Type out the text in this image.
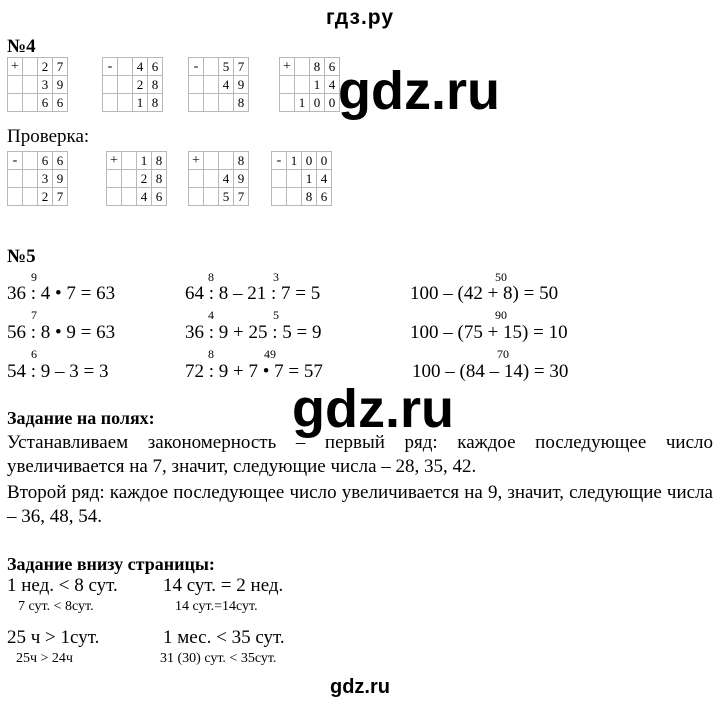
гдз.ру
gdz.ru
gdz.ru
№4
Проверка:
№5
9
36 : 4 • 7 = 63
7
56 : 8 • 9 = 63
6
54 : 9 – 3 = 3
8	3
64 : 8 – 21 : 7 = 5
4	5
36 : 9 + 25 : 5 = 9
8	49
72 : 9 + 7 • 7 = 57
50
100 – (42 + 8) = 50
90
100 – (75 + 15) = 10
70
100 – (84 – 14) = 30
Задание на полях:
Устанавливаем закономерность – первый ряд: каждое последующее число увеличивается на 7, значит, следующие числа – 28, 35, 42.
Второй ряд: каждое последующее число увеличивается на 9, значит, следующие числа – 36, 48, 54.
Задание внизу страницы:
1 нед. < 8 сут.
7 сут. < 8сут.
14 сут. = 2 нед.
14 сут.=14сут.
25 ч > 1сут.
25ч > 24ч
1 мес. < 35 сут.
31 (30) сут. < 35сут.
gdz.ru
+		2	7
		3	9
		6	6
-		4	6
		2	8
		1	8
-		5	7
		4	9
			8
+		8	6
		1	4
	1	0	0
-		6	6
		3	9
		2	7
+		1	8
		2	8
		4	6
+			8
		4	9
		5	7
-	1	0	0
		1	4
		8	6
